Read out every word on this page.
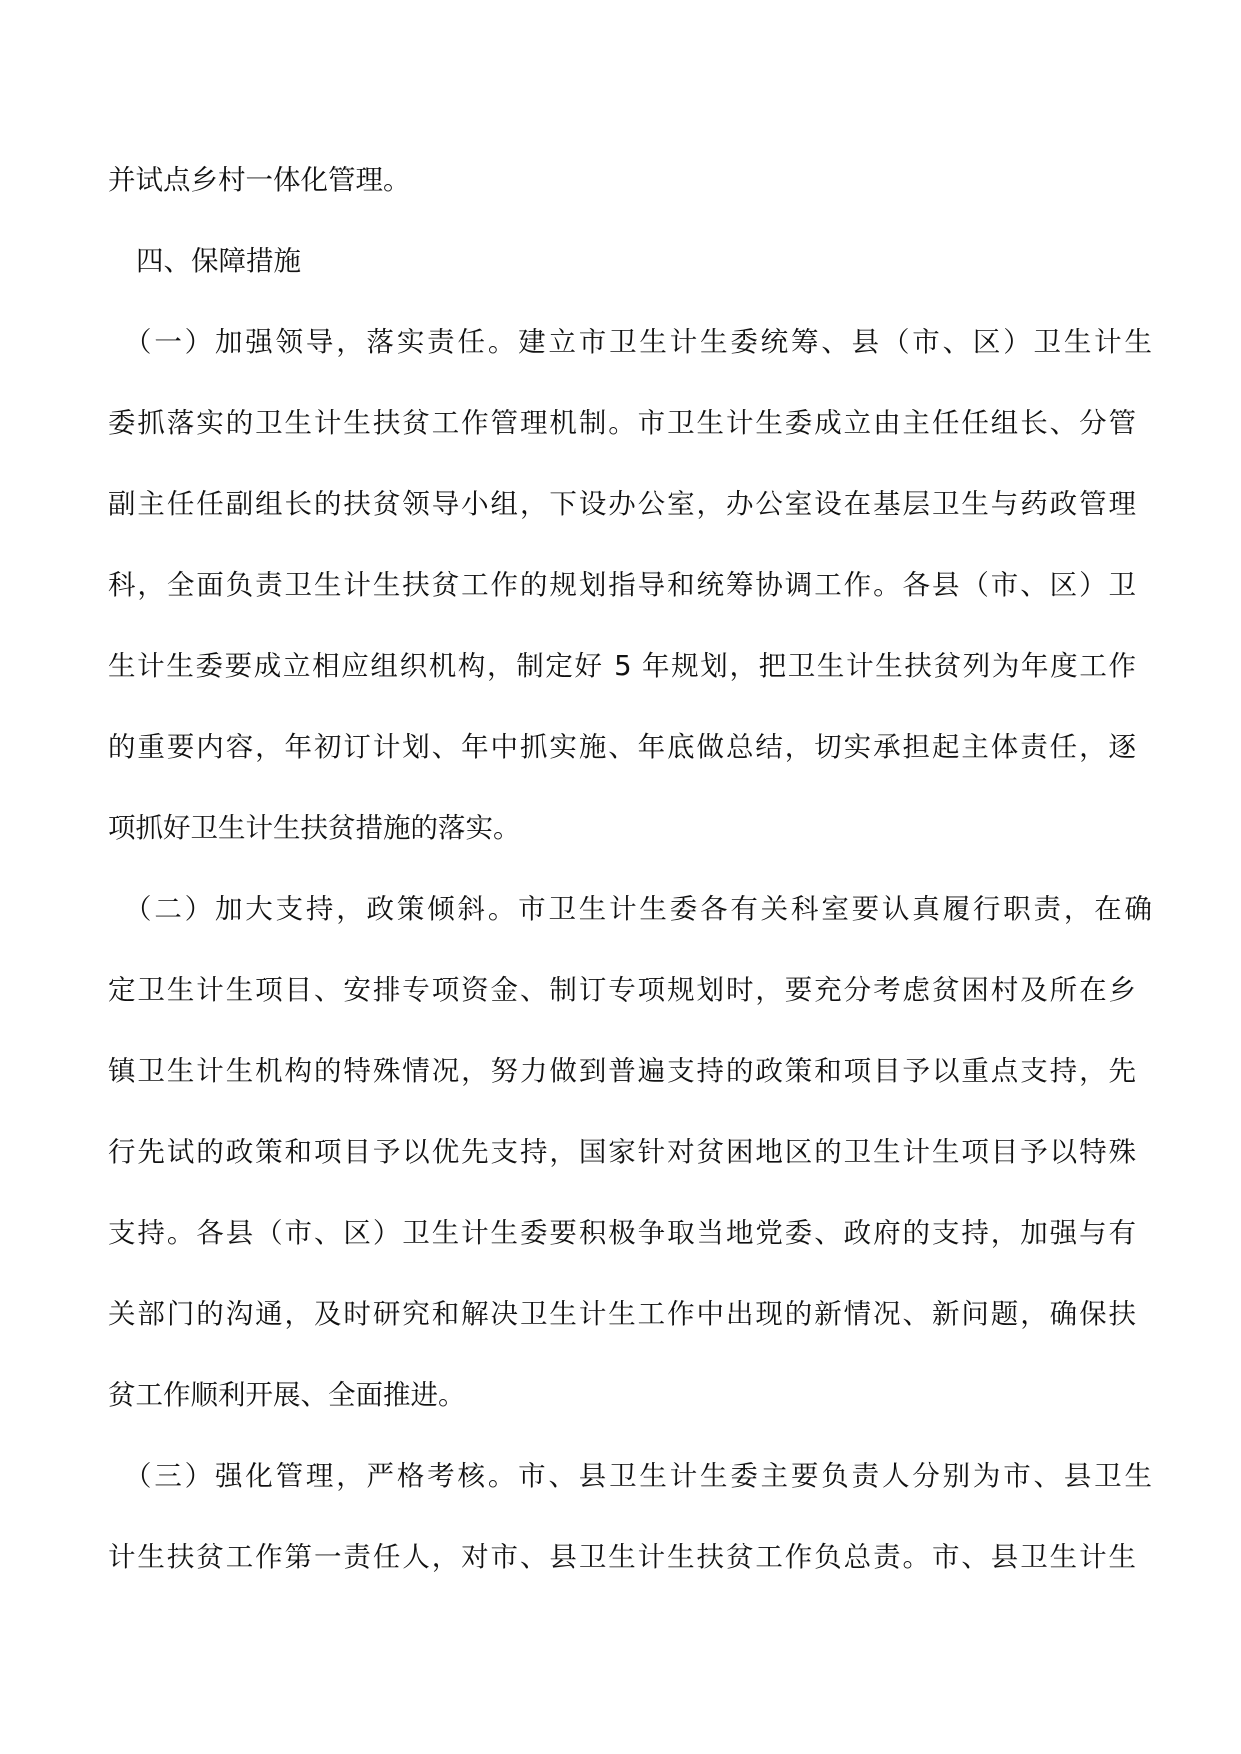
并试点乡村一体化管理。
四、保障措施
（一）加强领导，落实责任。建立市卫生计生委统筹、县（市、区）卫生计生
委抓落实的卫生计生扶贫工作管理机制。市卫生计生委成立由主任任组长、分管
副主任任副组长的扶贫领导小组，下设办公室，办公室设在基层卫生与药政管理
科，全面负责卫生计生扶贫工作的规划指导和统筹协调工作。各县（市、区）卫
生计生委要成立相应组织机构，制定好 5 年规划，把卫生计生扶贫列为年度工作
的重要内容，年初订计划、年中抓实施、年底做总结，切实承担起主体责任，逐
项抓好卫生计生扶贫措施的落实。
（二）加大支持，政策倾斜。市卫生计生委各有关科室要认真履行职责，在确
定卫生计生项目、安排专项资金、制订专项规划时，要充分考虑贫困村及所在乡
镇卫生计生机构的特殊情况，努力做到普遍支持的政策和项目予以重点支持，先
行先试的政策和项目予以优先支持，国家针对贫困地区的卫生计生项目予以特殊
支持。各县（市、区）卫生计生委要积极争取当地党委、政府的支持，加强与有
关部门的沟通，及时研究和解决卫生计生工作中出现的新情况、新问题，确保扶
贫工作顺利开展、全面推进。
（三）强化管理，严格考核。市、县卫生计生委主要负责人分别为市、县卫生
计生扶贫工作第一责任人，对市、县卫生计生扶贫工作负总责。市、县卫生计生
